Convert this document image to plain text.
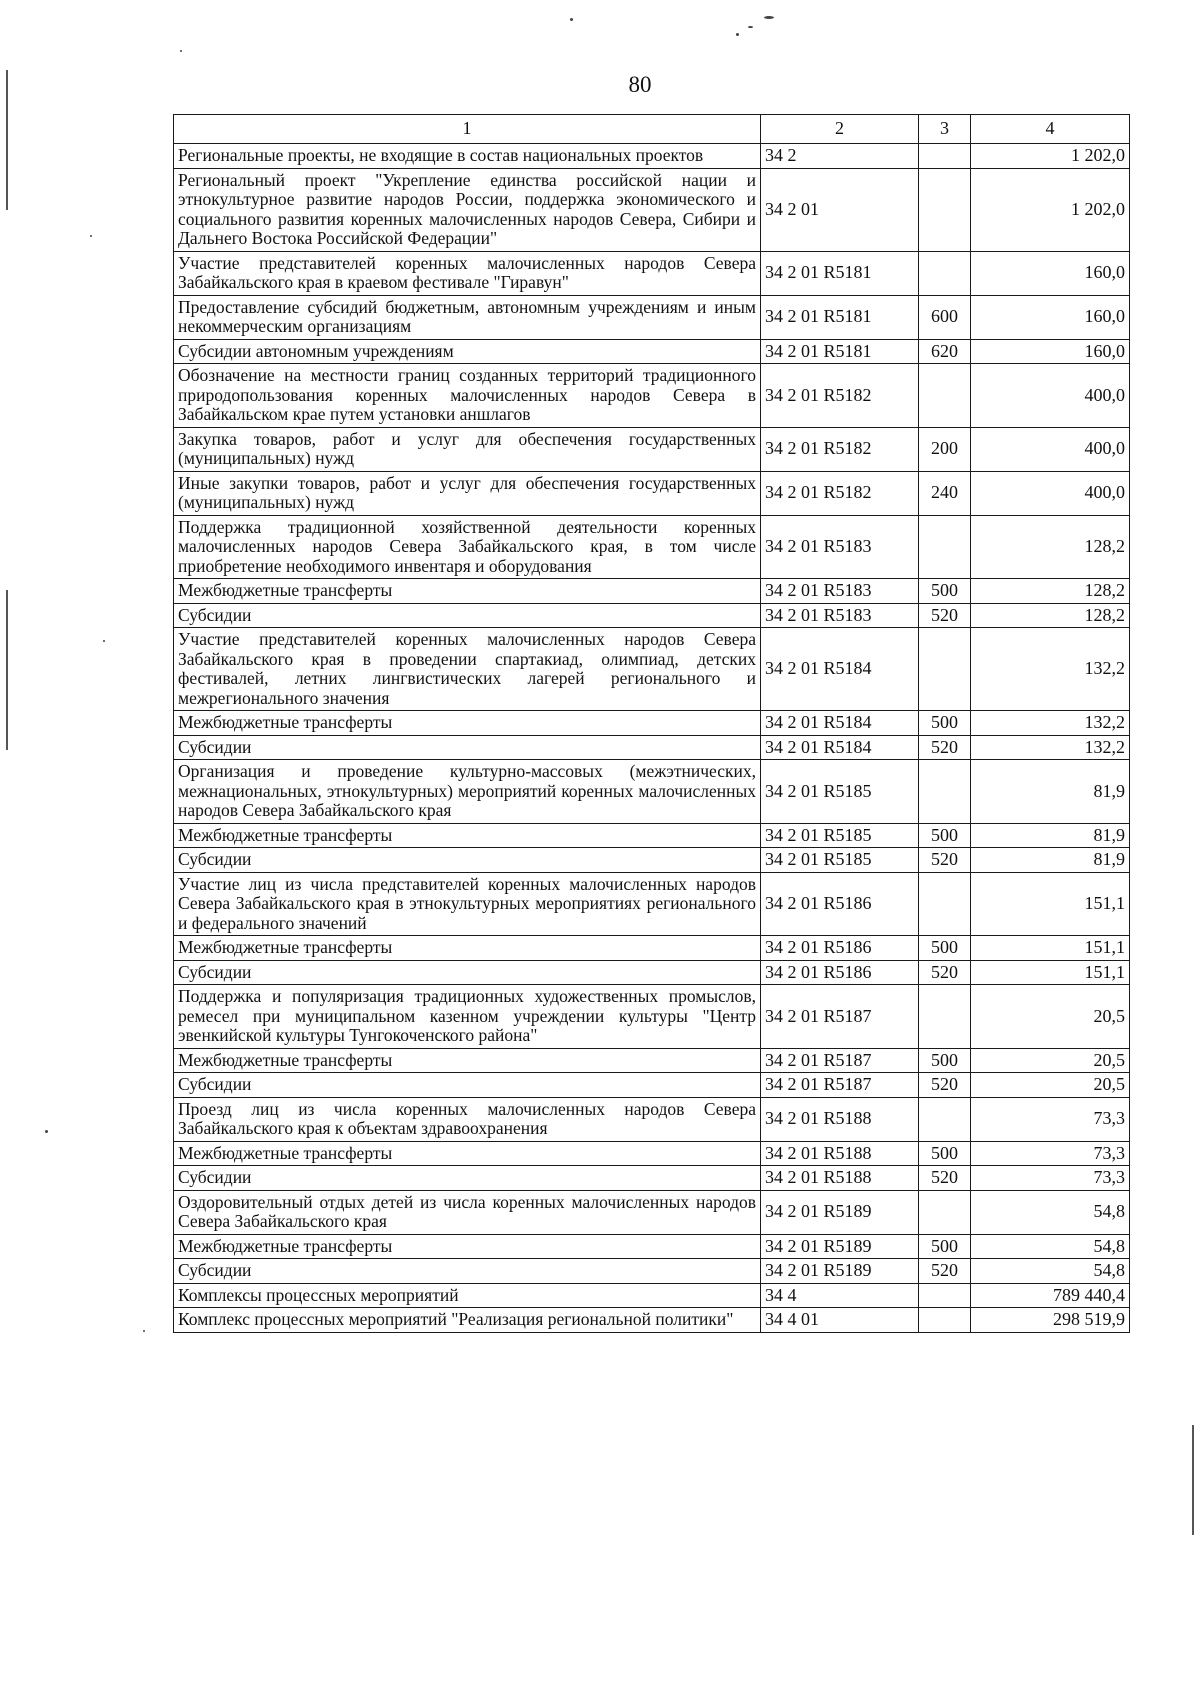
80
1	2	3	4
Региональные проекты, не входящие в состав национальных проектов	34 2		1 202,0
Региональный проект "Укрепление единства российской нации и этнокультурное развитие народов России, поддержка экономического и социального развития коренных малочисленных народов Севера, Сибири и Дальнего Востока Российской Федерации"	34 2 01		1 202,0
Участие представителей коренных малочисленных народов Севера Забайкальского края в краевом фестивале "Гиравун"	34 2 01 R5181		160,0
Предоставление субсидий бюджетным, автономным учреждениям и иным некоммерческим организациям	34 2 01 R5181	600	160,0
Субсидии автономным учреждениям	34 2 01 R5181	620	160,0
Обозначение на местности границ созданных территорий традиционного природопользования коренных малочисленных народов Севера в Забайкальском крае путем установки аншлагов	34 2 01 R5182		400,0
Закупка товаров, работ и услуг для обеспечения государственных (муниципальных) нужд	34 2 01 R5182	200	400,0
Иные закупки товаров, работ и услуг для обеспечения государственных (муниципальных) нужд	34 2 01 R5182	240	400,0
Поддержка традиционной хозяйственной деятельности коренных малочисленных народов Севера Забайкальского края, в том числе приобретение необходимого инвентаря и оборудования	34 2 01 R5183		128,2
Межбюджетные трансферты	34 2 01 R5183	500	128,2
Субсидии	34 2 01 R5183	520	128,2
Участие представителей коренных малочисленных народов Севера Забайкальского края в проведении спартакиад, олимпиад, детских фестивалей, летних лингвистических лагерей регионального и межрегионального значения	34 2 01 R5184		132,2
Межбюджетные трансферты	34 2 01 R5184	500	132,2
Субсидии	34 2 01 R5184	520	132,2
Организация и проведение культурно-массовых (межэтнических, межнациональных, этнокультурных) мероприятий коренных малочисленных народов Севера Забайкальского края	34 2 01 R5185		81,9
Межбюджетные трансферты	34 2 01 R5185	500	81,9
Субсидии	34 2 01 R5185	520	81,9
Участие лиц из числа представителей коренных малочисленных народов Севера Забайкальского края в этнокультурных мероприятиях регионального и федерального значений	34 2 01 R5186		151,1
Межбюджетные трансферты	34 2 01 R5186	500	151,1
Субсидии	34 2 01 R5186	520	151,1
Поддержка и популяризация традиционных художественных промыслов, ремесел при муниципальном казенном учреждении культуры "Центр эвенкийской культуры Тунгокоченского района"	34 2 01 R5187		20,5
Межбюджетные трансферты	34 2 01 R5187	500	20,5
Субсидии	34 2 01 R5187	520	20,5
Проезд лиц из числа коренных малочисленных народов Севера Забайкальского края к объектам здравоохранения	34 2 01 R5188		73,3
Межбюджетные трансферты	34 2 01 R5188	500	73,3
Субсидии	34 2 01 R5188	520	73,3
Оздоровительный отдых детей из числа коренных малочисленных народов Севера Забайкальского края	34 2 01 R5189		54,8
Межбюджетные трансферты	34 2 01 R5189	500	54,8
Субсидии	34 2 01 R5189	520	54,8
Комплексы процессных мероприятий	34 4		789 440,4
Комплекс процессных мероприятий "Реализация региональной политики"	34 4 01		298 519,9
